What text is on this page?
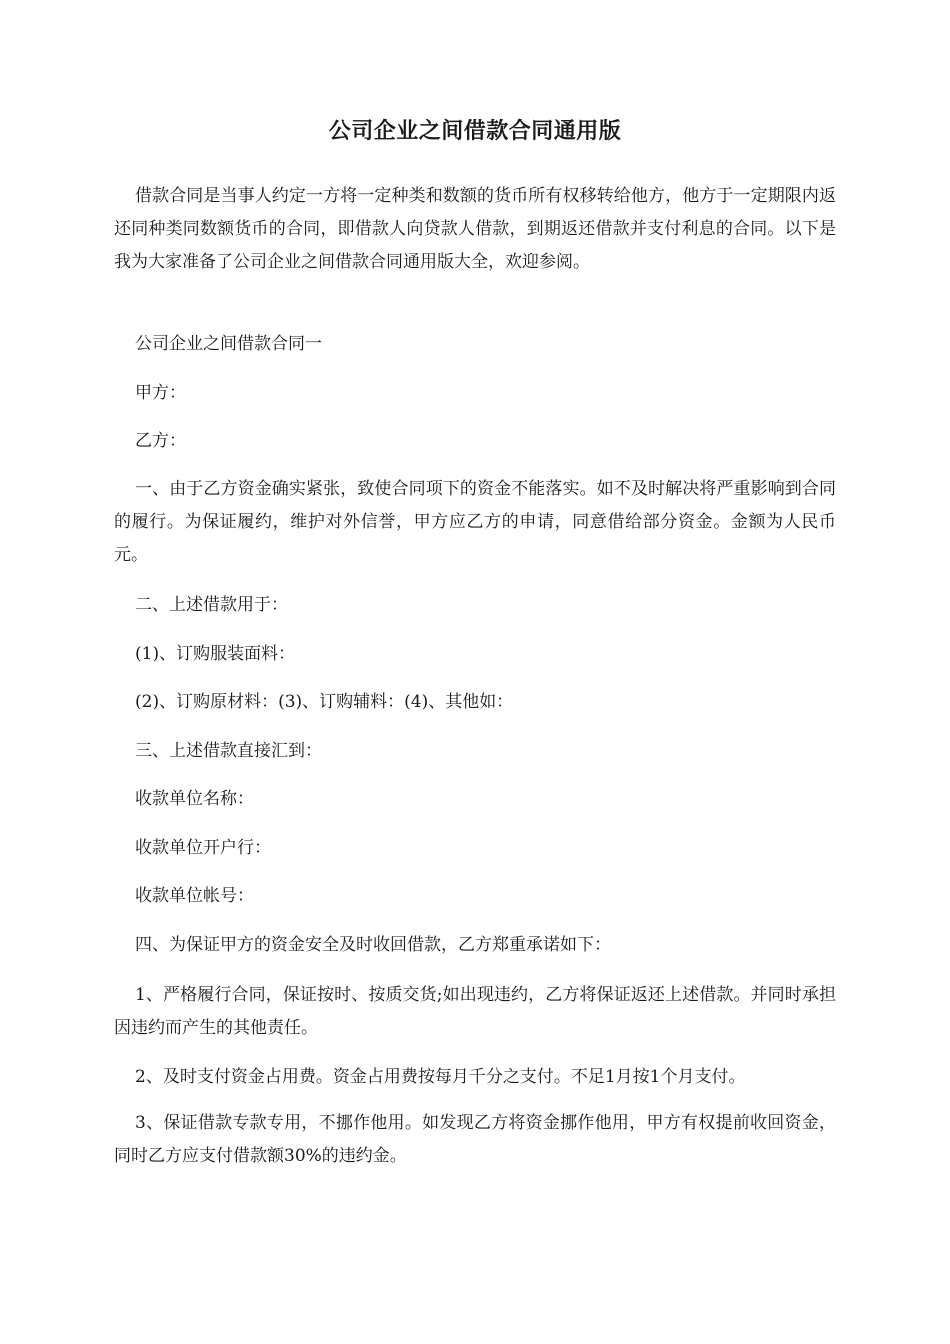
公司企业之间借款合同通用版

借款合同是当事人约定一方将一定种类和数额的货币所有权移转给他方，他方于一定期限内返还同种类同数额货币的合同，即借款人向贷款人借款，到期返还借款并支付利息的合同。以下是我为大家准备了公司企业之间借款合同通用版大全，欢迎参阅。

公司企业之间借款合同一

甲方：

乙方：

一、由于乙方资金确实紧张，致使合同项下的资金不能落实。如不及时解决将严重影响到合同的履行。为保证履约，维护对外信誉，甲方应乙方的申请，同意借给部分资金。金额为人民币元。

二、上述借款用于：

(1)、订购服装面料：

(2)、订购原材料：(3)、订购辅料：(4)、其他如：

三、上述借款直接汇到：

收款单位名称：

收款单位开户行：

收款单位帐号：

四、为保证甲方的资金安全及时收回借款，乙方郑重承诺如下：

1、严格履行合同，保证按时、按质交货;如出现违约，乙方将保证返还上述借款。并同时承担因违约而产生的其他责任。

2、及时支付资金占用费。资金占用费按每月千分之支付。不足1月按1个月支付。

3、保证借款专款专用，不挪作他用。如发现乙方将资金挪作他用，甲方有权提前收回资金，同时乙方应支付借款额30%的违约金。
